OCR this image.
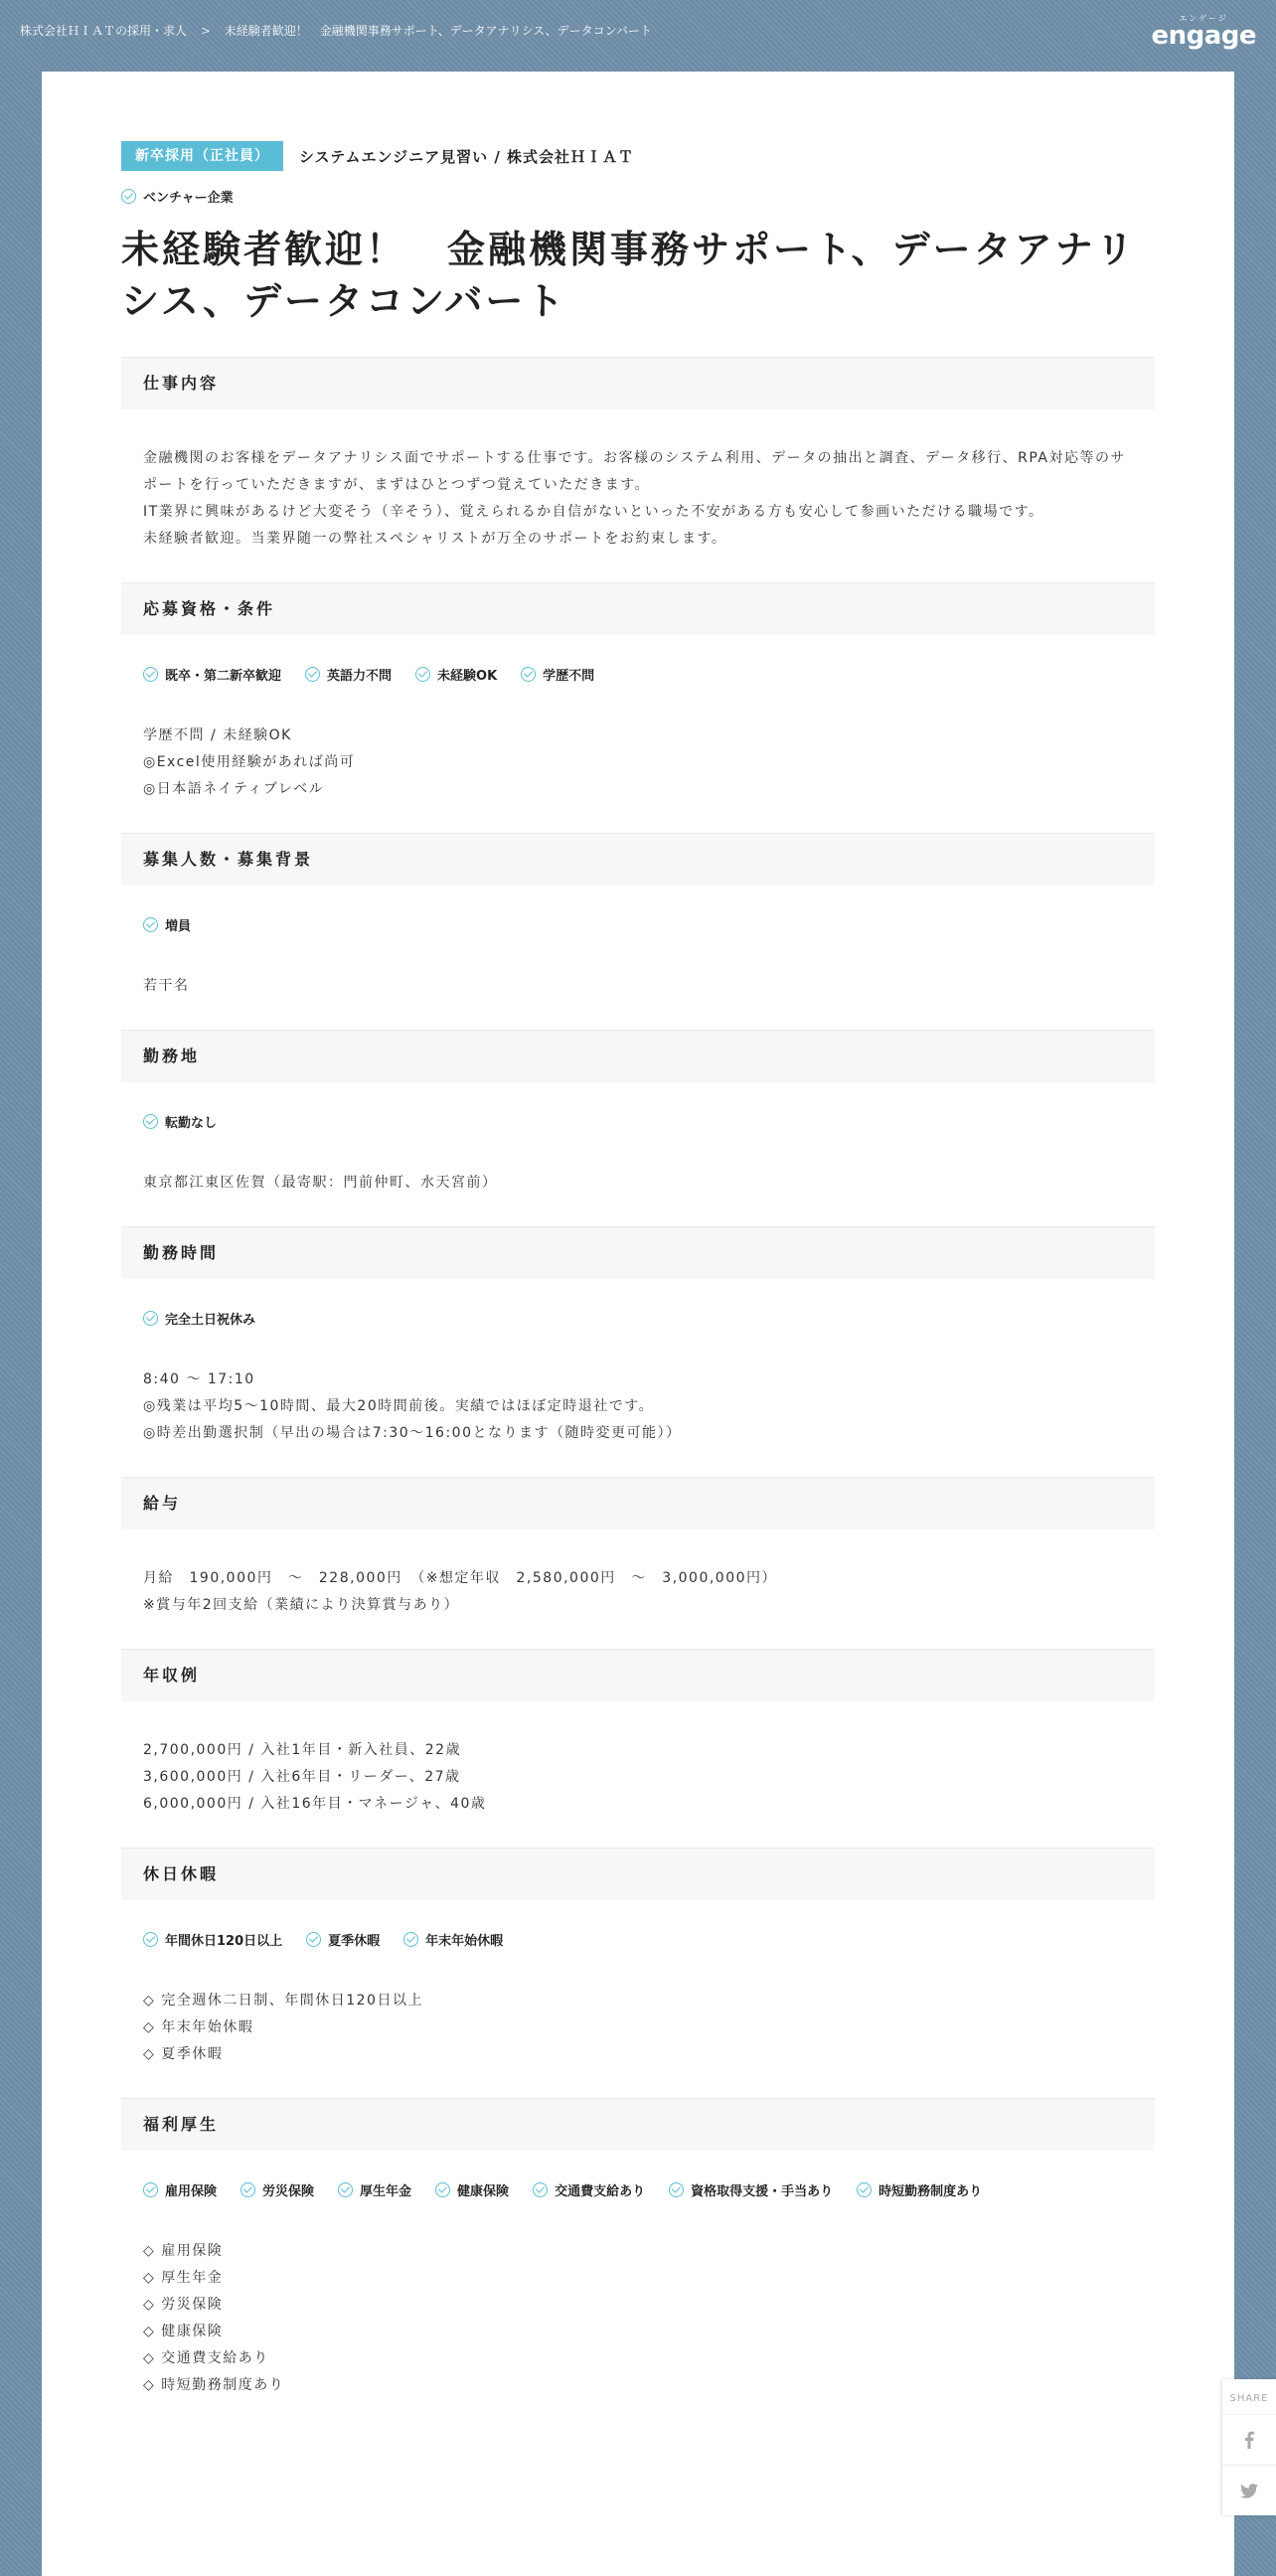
株式会社ＨＩＡＴの採用・求人 > 未経験者歓迎！　金融機関事務サポート、データアナリシス、データコンバート
エンゲージ
engage
新卒採用（正社員）	システムエンジニア見習い / 株式会社ＨＩＡＴ
ベンチャー企業
未経験者歓迎！　金融機関事務サポート、データアナリシス、データコンバート
仕事内容
金融機関のお客様をデータアナリシス面でサポートする仕事です。お客様のシステム利用、データの抽出と調査、データ移行、RPA対応等のサポートを行っていただきますが、まずはひとつずつ覚えていただきます。
IT業界に興味があるけど大変そう（辛そう）、覚えられるか自信がないといった不安がある方も安心して参画いただける職場です。
未経験者歓迎。当業界随一の弊社スペシャリストが万全のサポートをお約束します。
応募資格・条件
既卒・第二新卒歓迎	英語力不問	未経験OK	学歴不問
学歴不問 / 未経験OK
◎Excel使用経験があれば尚可
◎日本語ネイティブレベル
募集人数・募集背景
増員
若干名
勤務地
転勤なし
東京都江東区佐賀（最寄駅：門前仲町、水天宮前）
勤務時間
完全土日祝休み
8:40 ～ 17:10
◎残業は平均5～10時間、最大20時間前後。実績ではほぼ定時退社です。
◎時差出勤選択制（早出の場合は7:30～16:00となります（随時変更可能））
給与
月給　190,000円　～　228,000円　（※想定年収　2,580,000円　～　3,000,000円）
※賞与年2回支給（業績により決算賞与あり）
年収例
2,700,000円 / 入社1年目・新入社員、22歳
3,600,000円 / 入社6年目・リーダー、27歳
6,000,000円 / 入社16年目・マネージャ、40歳
休日休暇
年間休日120日以上	夏季休暇	年末年始休暇
◇ 完全週休二日制、年間休日120日以上
◇ 年末年始休暇
◇ 夏季休暇
福利厚生
雇用保険	労災保険	厚生年金	健康保険	交通費支給あり	資格取得支援・手当あり	時短勤務制度あり
◇ 雇用保険
◇ 厚生年金
◇ 労災保険
◇ 健康保険
◇ 交通費支給あり
◇ 時短勤務制度あり
SHARE
